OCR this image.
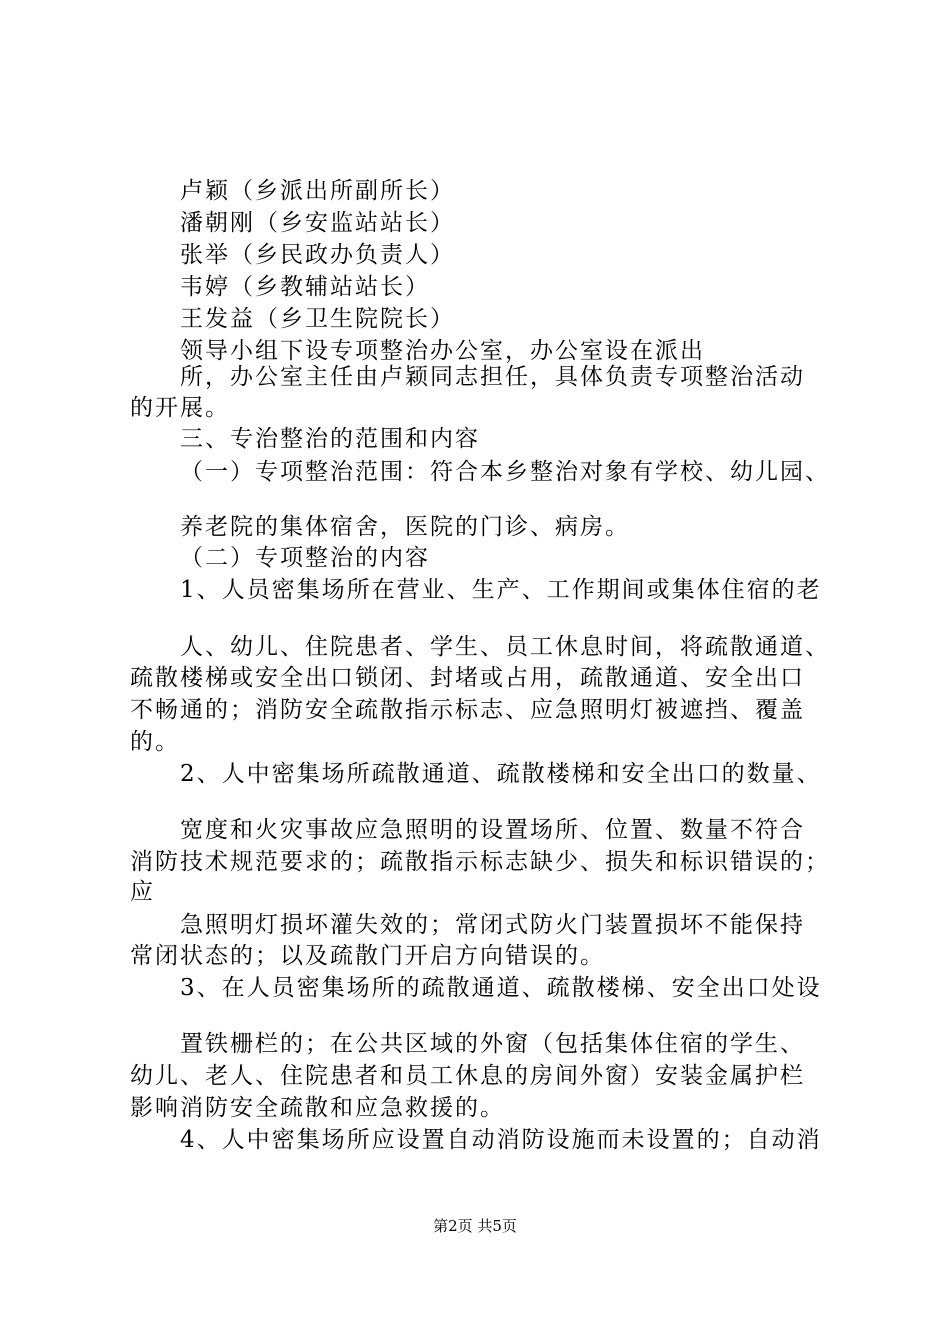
卢颖（乡派出所副所长）
潘朝刚（乡安监站站长）
张举（乡民政办负责人）
韦婷（乡教辅站站长）
王发益（乡卫生院院长）
领导小组下设专项整治办公室，办公室设在派出
所，办公室主任由卢颖同志担任，具体负责专项整治活动
的开展。
三、专治整治的范围和内容
（一）专项整治范围：符合本乡整治对象有学校、幼儿园、
养老院的集体宿舍，医院的门诊、病房。
（二）专项整治的内容
1、人员密集场所在营业、生产、工作期间或集体住宿的老
人、幼儿、住院患者、学生、员工休息时间，将疏散通道、
疏散楼梯或安全出口锁闭、封堵或占用，疏散通道、安全出口
不畅通的；消防安全疏散指示标志、应急照明灯被遮挡、覆盖
的。
2、人中密集场所疏散通道、疏散楼梯和安全出口的数量、
宽度和火灾事故应急照明的设置场所、位置、数量不符合
消防技术规范要求的；疏散指示标志缺少、损失和标识错误的；
应
急照明灯损坏灌失效的；常闭式防火门装置损坏不能保持
常闭状态的；以及疏散门开启方向错误的。
3、在人员密集场所的疏散通道、疏散楼梯、安全出口处设
置铁栅栏的；在公共区域的外窗（包括集体住宿的学生、
幼儿、老人、住院患者和员工休息的房间外窗）安装金属护栏
影响消防安全疏散和应急救援的。
4、人中密集场所应设置自动消防设施而未设置的；自动消
第2页 共5页
